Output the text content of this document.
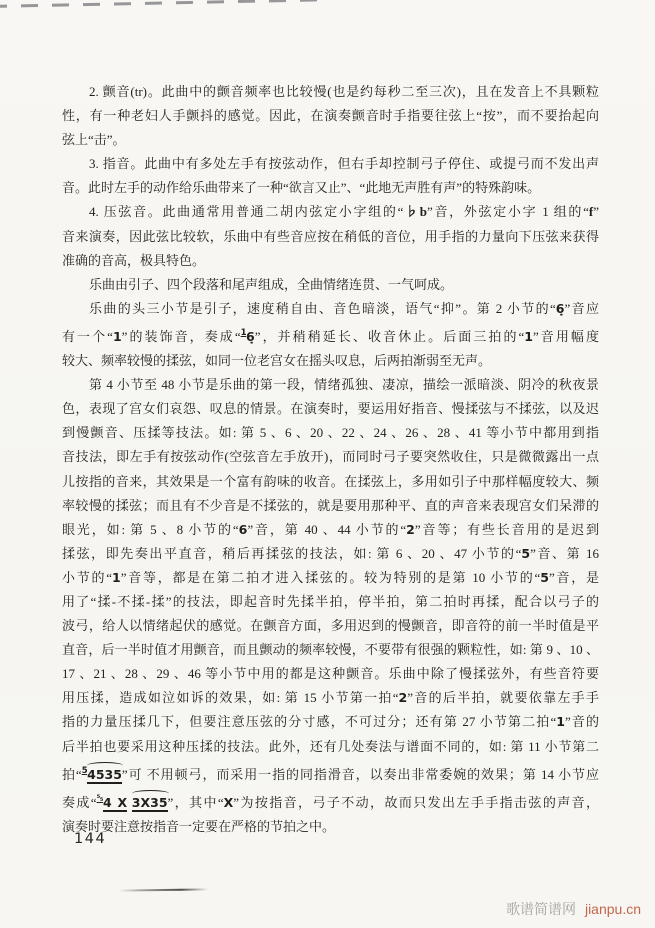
2. 颤音(tr)。此曲中的颤音频率也比较慢(也是约每秒二至三次)，且在发音上不具颗粒
性，有一种老妇人手颤抖的感觉。因此，在演奏颤音时手指要往弦上“按”，而不要抬起向
弦上“击”。
3. 指音。此曲中有多处左手有按弦动作，但右手却控制弓子停住、或提弓而不发出声
音。此时左手的动作给乐曲带来了一种“欲言又止”、“此地无声胜有声”的特殊韵味。
4. 压弦音。此曲通常用普通二胡内弦定小字组的“♭b”音，外弦定小字 1 组的“f”
音来演奏，因此弦比较软，乐曲中有些音应按在稍低的音位，用手指的力量向下压弦来获得
准确的音高，极具特色。
乐曲由引子、四个段落和尾声组成，全曲情绪连贯、一气呵成。
乐曲的头三小节是引子，速度稍自由、音色暗淡，语气“抑”。第 2 小节的“6̣”音应
有一个“1”的装饰音，奏成“$^1$6̣”，并稍稍延长、收音休止。后面三拍的“1”音用幅度
较大、频率较慢的揉弦，如同一位老宫女在摇头叹息，后两拍渐弱至无声。
第 4 小节至 48 小节是乐曲的第一段，情绪孤独、凄凉，描绘一派暗淡、阴冷的秋夜景
色，表现了宫女们哀怨、叹息的情景。在演奏时，要运用好指音、慢揉弦与不揉弦，以及迟
到慢颤音、压揉等技法。如: 第 5 、6 、20 、22 、24 、26 、28 、41 等小节中都用到指
音技法，即左手有按弦动作(空弦音左手放开)，而同时弓子要突然收住，只是微微露出一点
儿按指的音来，其效果是一个富有韵味的收音。在揉弦上，多用如引子中那样幅度较大、频
率较慢的揉弦；而且有不少音是不揉弦的，就是要用那种平、直的声音来表现宫女们呆滞的
眼光，如: 第 5 、8 小节的“6”音，第 40 、44 小节的“2”音等；有些长音用的是迟到
揉弦，即先奏出平直音，稍后再揉弦的技法，如: 第 6 、20 、47 小节的“5”音、第 16
小节的“1”音等，都是在第二拍才进入揉弦的。较为特别的是第 10 小节的“5”音，是
用了“揉-不揉-揉”的技法，即起音时先揉半拍，停半拍，第二拍时再揉，配合以弓子的
波弓，给人以情绪起伏的感觉。在颤音方面，多用迟到的慢颤音，即音符的前一半时值是平
直音，后一半时值才用颤音，而且颤动的频率较慢，不要带有很强的颗粒性，如: 第 9 、10 、
17 、21 、28 、29 、46 等小节中用的都是这种颤音。乐曲中除了慢揉弦外，有些音符要
用压揉，造成如泣如诉的效果，如: 第 15 小节第一拍“2”音的后半拍，就要依靠左手手
指的力量压揉几下，但要注意压弦的分寸感，不可过分；还有第 27 小节第二拍“1”音的
后半拍也要采用这种压揉的技法。此外，还有几处奏法与谱面不同的，如: 第 11 小节第二
拍“$^5$4535”可 不用顿弓，而采用一指的同指滑音，以奏出非常委婉的效果；第 14 小节应
奏成“$^{^5_5}$4 X 3X35”，其中“X”为按指音，弓子不动，故而只发出左手手指击弦的声音，
演奏时要注意按指音一定要在严格的节拍之中。
144
歌谱简谱网 jianpu.cn
